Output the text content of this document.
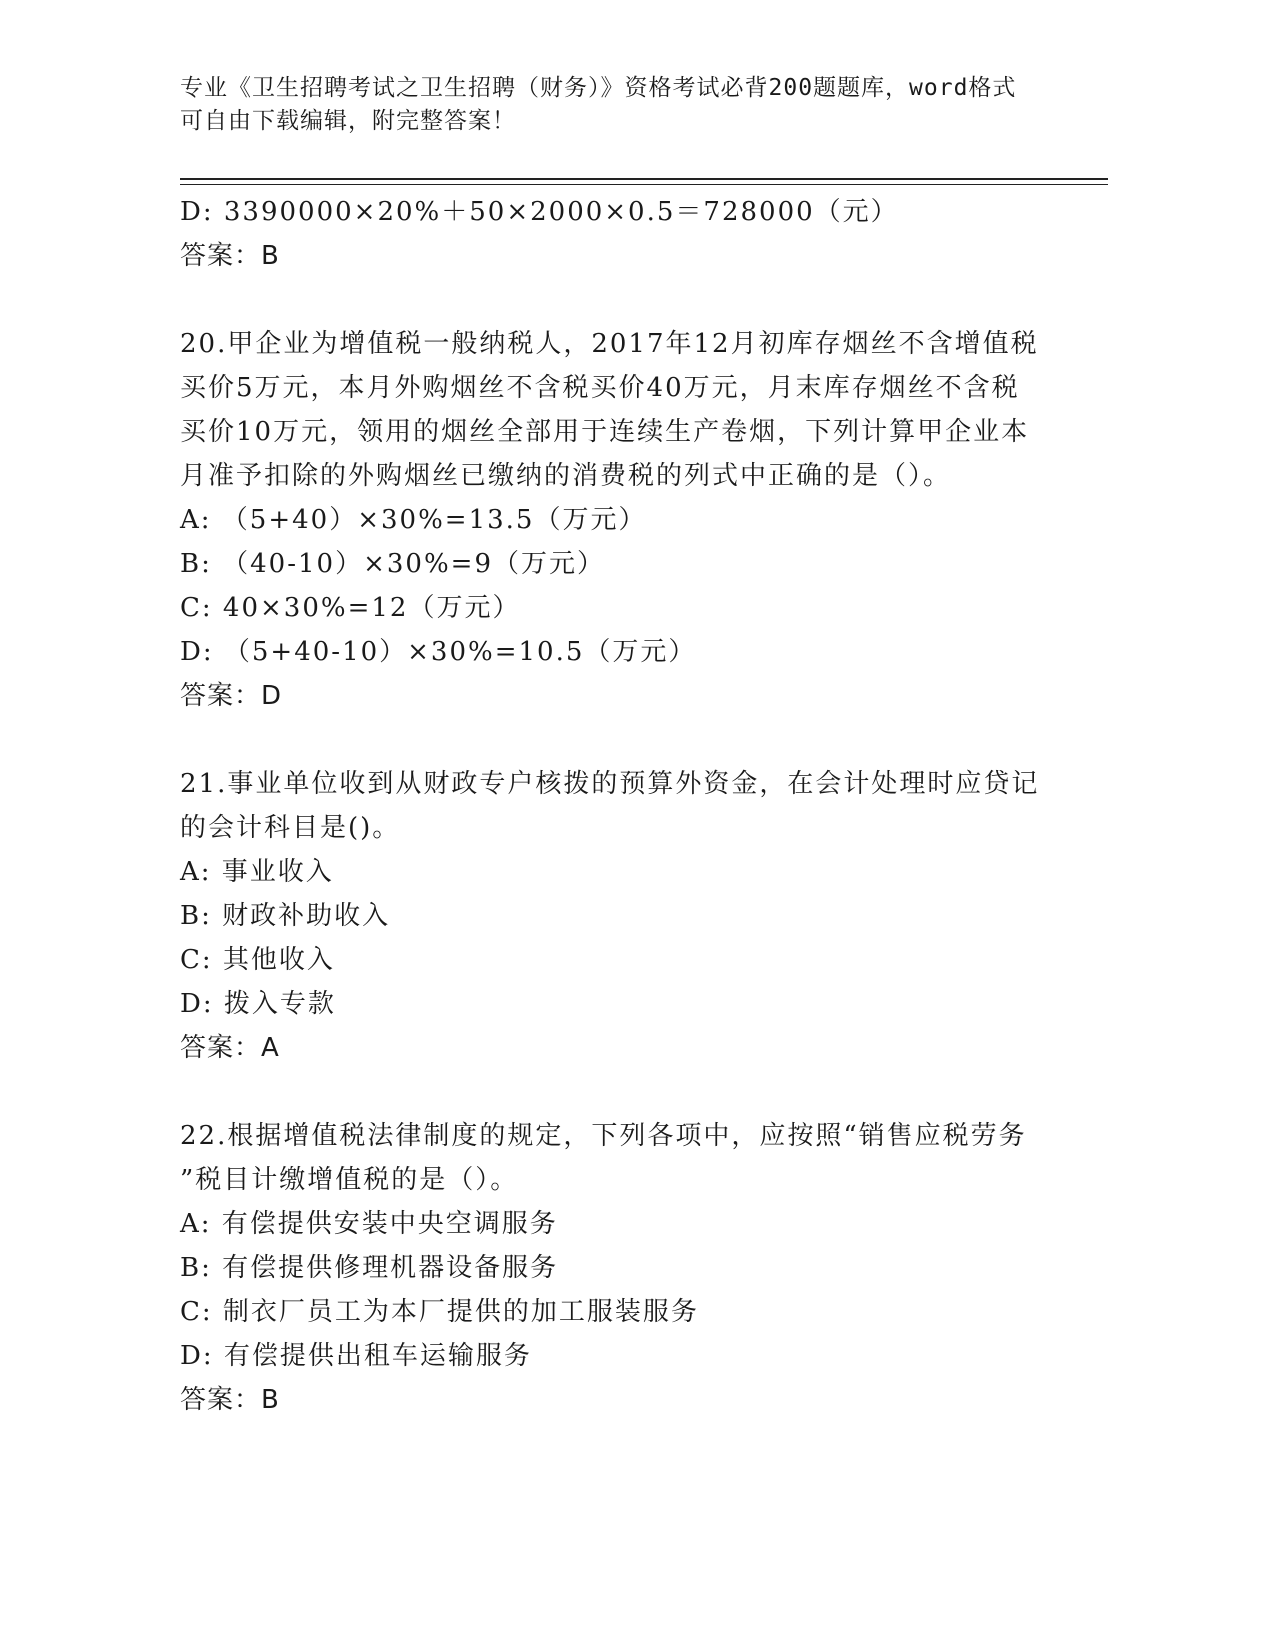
专业《卫生招聘考试之卫生招聘（财务）》资格考试必背200题题库，word格式
可自由下载编辑，附完整答案！
D: 3390000×20%＋50×2000×0.5＝728000（元）
答案：B
20.甲企业为增值税一般纳税人，2017年12月初库存烟丝不含增值税
买价5万元，本月外购烟丝不含税买价40万元，月末库存烟丝不含税
买价10万元，领用的烟丝全部用于连续生产卷烟，下列计算甲企业本
月准予扣除的外购烟丝已缴纳的消费税的列式中正确的是（）。
A: （5+40）×30%=13.5（万元）
B: （40-10）×30%=9（万元）
C: 40×30%=12（万元）
D: （5+40-10）×30%=10.5（万元）
答案：D
21.事业单位收到从财政专户核拨的预算外资金，在会计处理时应贷记
的会计科目是()。
A: 事业收入
B: 财政补助收入
C: 其他收入
D: 拨入专款
答案：A
22.根据增值税法律制度的规定，下列各项中，应按照“销售应税劳务
”税目计缴增值税的是（）。
A: 有偿提供安装中央空调服务
B: 有偿提供修理机器设备服务
C: 制衣厂员工为本厂提供的加工服装服务
D: 有偿提供出租车运输服务
答案：B
